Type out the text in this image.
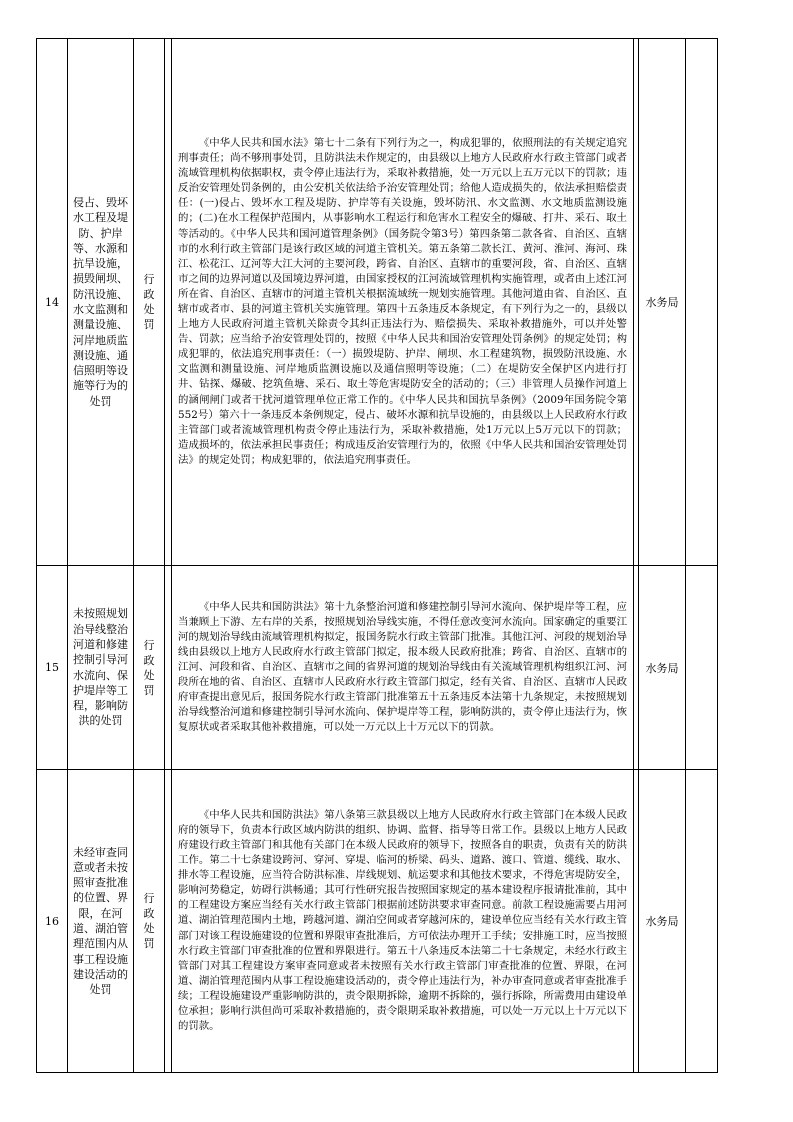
14	侵占、毁坏水工程及堤防、护岸等、水源和抗旱设施，损毁闸坝、防汛设施、水文监测和测量设施、河岸地质监测设施、通信照明等设施等行为的处罚	行政处罚	《中华人民共和国水法》第七十二条有下列行为之一，构成犯罪的，依照刑法的有关规定追究刑事责任；尚不够刑事处罚，且防洪法未作规定的，由县级以上地方人民政府水行政主管部门或者流域管理机构依据职权，责令停止违法行为，采取补救措施，处一万元以上五万元以下的罚款；违反治安管理处罚条例的，由公安机关依法给予治安管理处罚；给他人造成损失的，依法承担赔偿责任：(一)侵占、毁坏水工程及堤防、护岸等有关设施，毁坏防汛、水文监测、水文地质监测设施的；(二)在水工程保护范围内，从事影响水工程运行和危害水工程安全的爆破、打井、采石、取土等活动的。《中华人民共和国河道管理条例》（国务院令第3号）第四条第二款各省、自治区、直辖市的水利行政主管部门是该行政区域的河道主管机关。第五条第二款长江、黄河、淮河、海河、珠江、松花江、辽河等大江大河的主要河段，跨省、自治区、直辖市的重要河段，省、自治区、直辖市之间的边界河道以及国境边界河道，由国家授权的江河流域管理机构实施管理，或者由上述江河所在省、自治区、直辖市的河道主管机关根据流域统一规划实施管理。其他河道由省、自治区、直辖市或者市、县的河道主管机关实施管理。第四十五条违反本条规定，有下列行为之一的，县级以上地方人民政府河道主管机关除责令其纠正违法行为、赔偿损失、采取补救措施外，可以并处警告、罚款；应当给予治安管理处罚的，按照《中华人民共和国治安管理处罚条例》的规定处罚；构成犯罪的，依法追究刑事责任：（一）损毁堤防、护岸、闸坝、水工程建筑物，损毁防汛设施、水文监测和测量设施、河岸地质监测设施以及通信照明等设施；（二）在堤防安全保护区内进行打井、钻探、爆破、挖筑鱼塘、采石、取土等危害堤防安全的活动的；（三）非管理人员操作河道上的涵闸闸门或者干扰河道管理单位正常工作的。《中华人民共和国抗旱条例》（2009年国务院令第552号）第六十一条违反本条例规定，侵占、破坏水源和抗旱设施的，由县级以上人民政府水行政主管部门或者流域管理机构责令停止违法行为，采取补救措施，处1万元以上5万元以下的罚款；造成损坏的，依法承担民事责任；构成违反治安管理行为的，依照《中华人民共和国治安管理处罚法》的规定处罚；构成犯罪的，依法追究刑事责任。	水务局	
15	未按照规划治导线整治河道和修建控制引导河水流向、保护堤岸等工程，影响防洪的处罚	行政处罚	《中华人民共和国防洪法》第十九条整治河道和修建控制引导河水流向、保护堤岸等工程，应当兼顾上下游、左右岸的关系，按照规划治导线实施，不得任意改变河水流向。国家确定的重要江河的规划治导线由流域管理机构拟定，报国务院水行政主管部门批准。其他江河、河段的规划治导线由县级以上地方人民政府水行政主管部门拟定，报本级人民政府批准；跨省、自治区、直辖市的江河、河段和省、自治区、直辖市之间的省界河道的规划治导线由有关流域管理机构组织江河、河段所在地的省、自治区、直辖市人民政府水行政主管部门拟定，经有关省、自治区、直辖市人民政府审查提出意见后，报国务院水行政主管部门批准第五十五条违反本法第十九条规定，未按照规划治导线整治河道和修建控制引导河水流向、保护堤岸等工程，影响防洪的，责令停止违法行为，恢复原状或者采取其他补救措施，可以处一万元以上十万元以下的罚款。	水务局	
16	未经审查同意或者未按照审查批准的位置、界限，在河道、湖泊管理范围内从事工程设施建设活动的处罚	行政处罚	《中华人民共和国防洪法》第八条第三款县级以上地方人民政府水行政主管部门在本级人民政府的领导下，负责本行政区域内防洪的组织、协调、监督、指导等日常工作。县级以上地方人民政府建设行政主管部门和其他有关部门在本级人民政府的领导下，按照各自的职责，负责有关的防洪工作。第二十七条建设跨河、穿河、穿堤、临河的桥梁、码头、道路、渡口、管道、缆线、取水、排水等工程设施，应当符合防洪标准、岸线规划、航运要求和其他技术要求，不得危害堤防安全，影响河势稳定，妨碍行洪畅通；其可行性研究报告按照国家规定的基本建设程序报请批准前，其中的工程建设方案应当经有关水行政主管部门根据前述防洪要求审查同意。前款工程设施需要占用河道、湖泊管理范围内土地，跨越河道、湖泊空间或者穿越河床的，建设单位应当经有关水行政主管部门对该工程设施建设的位置和界限审查批准后，方可依法办理开工手续；安排施工时，应当按照水行政主管部门审查批准的位置和界限进行。第五十八条违反本法第二十七条规定，未经水行政主管部门对其工程建设方案审查同意或者未按照有关水行政主管部门审查批准的位置、界限，在河道、湖泊管理范围内从事工程设施建设活动的，责令停止违法行为，补办审查同意或者审查批准手续；工程设施建设严重影响防洪的，责令限期拆除，逾期不拆除的，强行拆除，所需费用由建设单位承担；影响行洪但尚可采取补救措施的，责令限期采取补救措施，可以处一万元以上十万元以下的罚款。	水务局	
